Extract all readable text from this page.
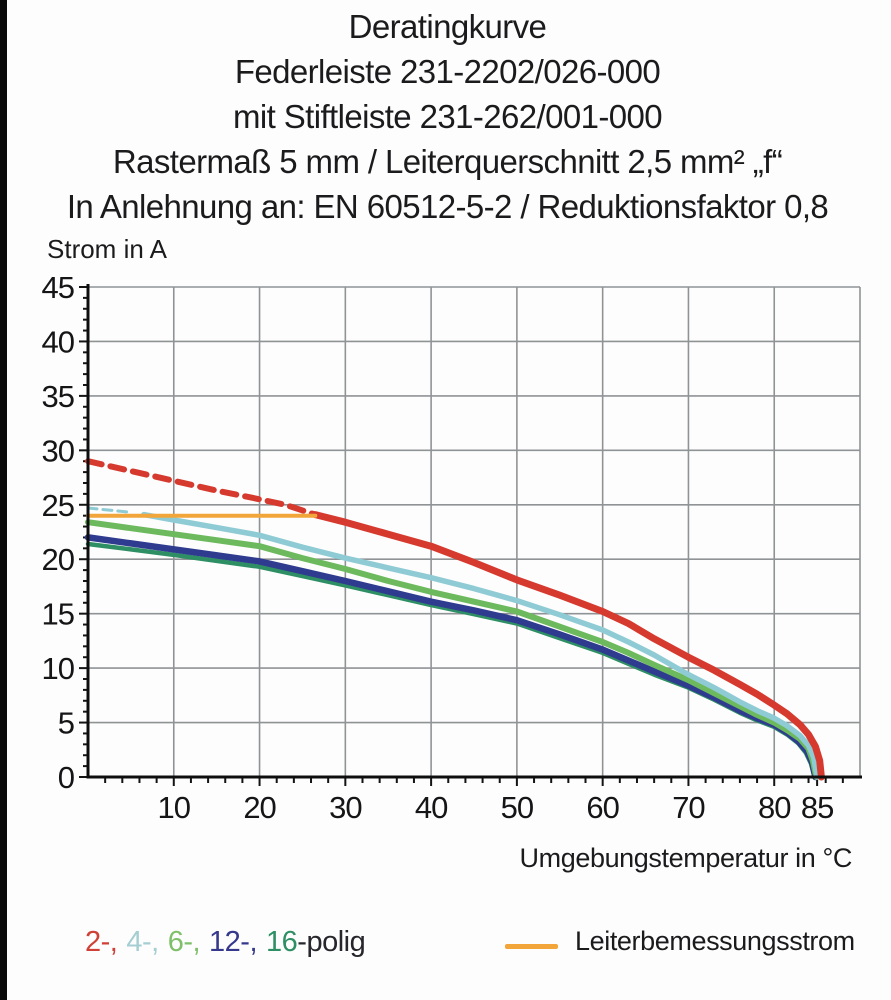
Deratingkurve
Federleiste 231-2202/026-000
mit Stiftleiste 231-262/001-000
Rastermaß 5 mm / Leiterquerschnitt 2,5 mm² „f“
In Anlehnung an: EN 60512-5-2 / Reduktionsfaktor 0,8
Strom in A
0
5
10
15
20
25
30
35
40
45
10 20 30 40 50 60 70 80 85
Umgebungstemperatur in °C
2-, 4-, 6-, 12-, 16-polig	Leiterbemessungsstrom
